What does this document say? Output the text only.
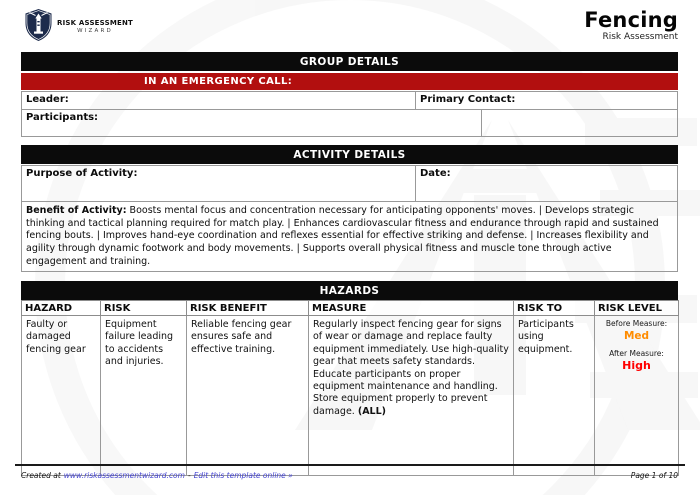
RISK ASSESSMENT
WIZARD	Fencing
Risk Assessment
GROUP DETAILS
IN AN EMERGENCY CALL:
Leader:	Primary Contact:
Participants:
ACTIVITY DETAILS
Purpose of Activity:	Date:
Benefit of Activity: Boosts mental focus and concentration necessary for anticipating opponents' moves. | Develops strategic thinking and tactical planning required for match play. | Enhances cardiovascular fitness and endurance through rapid and sustained fencing bouts. | Improves hand-eye coordination and reflexes essential for effective striking and defense. | Increases flexibility and agility through dynamic footwork and body movements. | Supports overall physical fitness and muscle tone through active engagement and training.
HAZARDS
HAZARD	RISK	RISK BENEFIT	MEASURE	RISK TO	RISK LEVEL
Faulty or damaged fencing gear	Equipment failure leading to accidents and injuries.	Reliable fencing gear ensures safe and effective training.	Regularly inspect fencing gear for signs of wear or damage and replace faulty equipment immediately. Use high-quality gear that meets safety standards. Educate participants on proper equipment maintenance and handling. Store equipment properly to prevent damage. (ALL)	Participants using equipment.	
Before Measure:
Med
After Measure:
High
Created at www.riskassessmentwizard.com - Edit this template online »	Page 1 of 10
